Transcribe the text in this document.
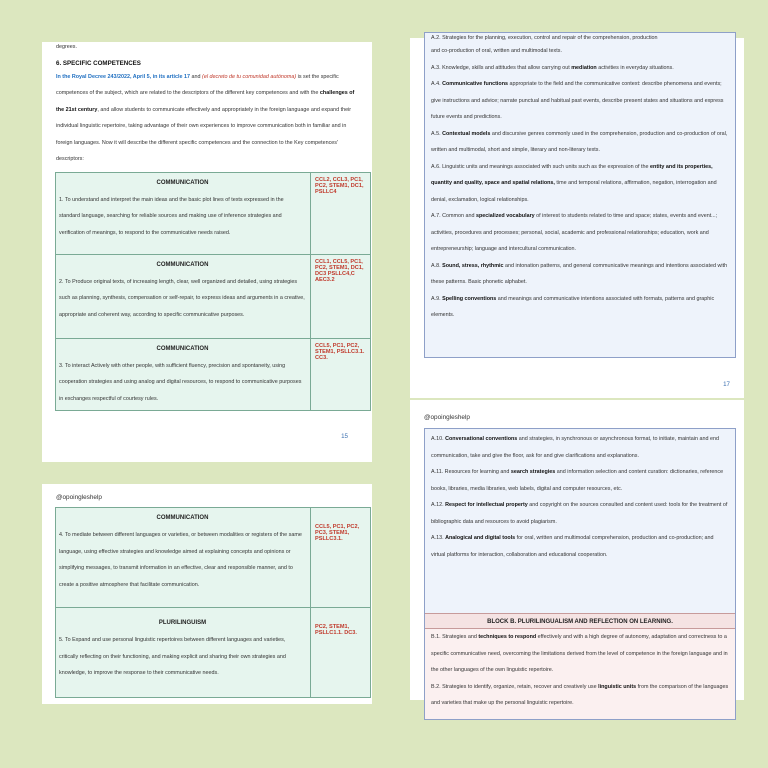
degrees.
6. SPECIFIC COMPETENCES
In the Royal Decree 243/2022, April 5, in its article 17 and (el decreto de tu comunidad autónoma) is set the specific competences of the subject, which are related to the descriptors of the different key competences and with the challenges of the 21st century, and allow students to communicate effectively and appropriately in the foreign language and expand their individual linguistic repertoire, taking advantage of their own experiences to improve communication both in familiar and in foreign languages. Now it will describe the different specific competences and the connection to the Key competences' descriptors:
COMMUNICATION
1. To understand and interpret the main ideas and the basic plot lines of texts expressed in the standard language, searching for reliable sources and making use of inference strategies and verification of meanings, to respond to the communicative needs raised.	CCL2, CCL3, PC1, PC2, STEM1, DC1, PSLLC4

COMMUNICATION
2. To Produce original texts, of increasing length, clear, well organized and detailed, using strategies such as planning, synthesis, compensation or self-repair, to express ideas and arguments in a creative, appropriate and coherent way, according to specific communicative purposes.	CCL1, CCL5, PC1, PC2, STEM1, DC1, DC3 PSLLC4,C AEC3.2

COMMUNICATION
3. To interact Actively with other people, with sufficient fluency, precision and spontaneity, using cooperation strategies and using analog and digital resources, to respond to communicative purposes in exchanges respectful of courtesy rules.	CCL5, PC1, PC2, STEM1, PSLLC3.1. CC3.
15
@opoingleshelp
COMMUNICATION
4. To mediate between different languages or varieties, or between modalities or registers of the same language, using effective strategies and knowledge aimed at explaining concepts and opinions or simplifying messages, to transmit information in an effective, clear and responsible manner, and to create a positive atmosphere that facilitate communication.	CCL5, PC1, PC2, PC3, STEM1, PSLLC3.1.

PLURILINGUISM
5. To Expand and use personal linguistic repertoires between different languages and varieties, critically reflecting on their functioning, and making explicit and sharing their own strategies and knowledge, to improve the response to their communicative needs.	PC2, STEM1, PSLLC1.1. DC3.
A.2. Strategies for the planning, execution, control and repair of the comprehension, production
and co-production of oral, written and multimodal texts.
A.3. Knowledge, skills and attitudes that allow carrying out mediation activities in everyday situations.
A.4. Communicative functions appropriate to the field and the communicative context: describe phenomena and events; give instructions and advice; narrate punctual and habitual past events, describe present states and situations and express future events and predictions.
A.5. Contextual models and discursive genres commonly used in the comprehension, production and co-production of oral, written and multimodal, short and simple, literary and non-literary texts.
A.6. Linguistic units and meanings associated with such units such as the expression of the entity and its properties, quantity and quality, space and spatial relations, time and temporal relations, affirmation, negation, interrogation and denial, exclamation, logical relationships.
A.7. Common and specialized vocabulary of interest to students related to time and space; states, events and event...; activities, procedures and processes; personal, social, academic and professional relationships; education, work and entrepreneurship; language and intercultural communication.
A.8. Sound, stress, rhythmic and intonation patterns, and general communicative meanings and intentions associated with these patterns. Basic phonetic alphabet.
A.9. Spelling conventions and meanings and communicative intentions associated with formats, patterns and graphic elements.
17
@opoingleshelp
A.10. Conversational conventions and strategies, in synchronous or asynchronous format, to initiate, maintain and end communication, take and give the floor, ask for and give clarifications and explanations.
A.11. Resources for learning and search strategies and information selection and content curation: dictionaries, reference books, libraries, media libraries, web labels, digital and computer resources, etc.
A.12. Respect for intellectual property and copyright on the sources consulted and content used: tools for the treatment of bibliographic data and resources to avoid plagiarism.
A.13. Analogical and digital tools for oral, written and multimodal comprehension, production and co-production; and virtual platforms for interaction, collaboration and educational cooperation.
BLOCK B. PLURILINGUALISM AND REFLECTION ON LEARNING.
B.1. Strategies and techniques to respond effectively and with a high degree of autonomy, adaptation and correctness to a specific communicative need, overcoming the limitations derived from the level of competence in the foreign language and in the other languages of the own linguistic repertoire.
B.2. Strategies to identify, organize, retain, recover and creatively use linguistic units from the comparison of the languages and varieties that make up the personal linguistic repertoire.
